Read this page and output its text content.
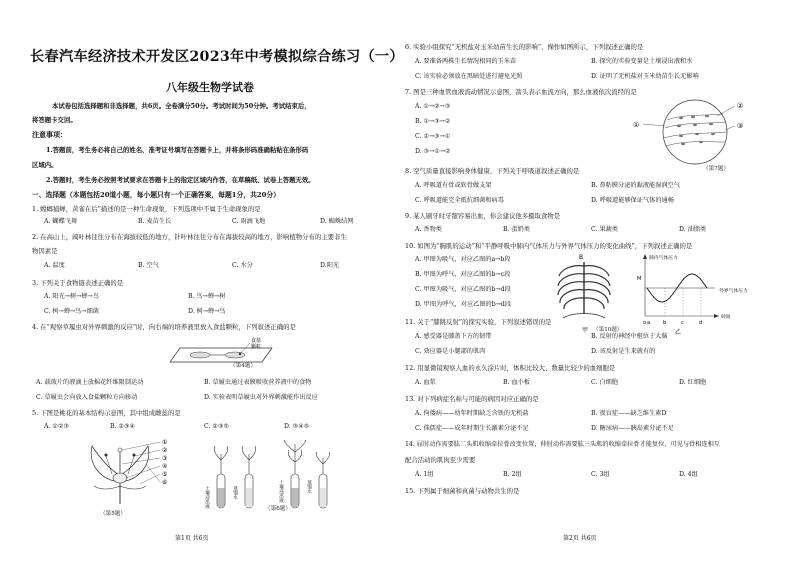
长春汽车经济技术开发区2023年中考模拟综合练习（一）
八年级生物学试卷
本试卷包括选择题和非选择题，共6页。全卷满分50分。考试时间为50分钟。考试结束后，
将答题卡交回。
注意事项：
1.答题前，考生务必将自己的姓名、准考证号填写在答题卡上，并将条形码准确粘贴在条形码
区域内。
2.答题时，考生务必按照考试要求在答题卡上的指定区域内作答，在草稿纸、试卷上答题无效。
一、选择题（本题包括20道小题，每小题只有一个正确答案，每题1分，共20分）
1. 螳螂捕蝉，黄雀在后”描述的是一种生命现象，下列选项中不属于生命现象的是
A. 蝴蝶飞舞	B. 麦苗生长	C. 雨滴飞地	D. 蜘蛛结网
2. 在高山上，阔叶林往往分布在海拔较低的地方，针叶林往往分布在海拔较高的地方，影响植物分布的主要非生
物因素是
A. 温度	B. 空气	C. 水分	D.阳光
3. 下列关于食物链表述正确的是
A. 阳光→树→蝉→鸟	B. 鸟→蝉→树
C. 树→蝉→鸟→细菌	D. 树→蝉→鸟
4. 在“观察草履虫对外界刺激的反应”时，向右端的培养液里放入食盐颗粒，下列叙述正确的是
食盐
颗粒
（第4题）
A. 载玻片的液滴上放棉花纤维限制运动	B. 草履虫通过表膜吸收营养液中的食物
C. 草履虫会向放入食盐颗粒方向移动	D. 实验表明草履虫对外界刺激能作出反应
5. 下图是桃花的基本结构示意图，其中组成雌蕊的是
A. ①②③	B. ②③④	C. ②③⑤	D. ③④⑤
①
②
③
④
⑤
⑥
（第5题）
土壤浸出液	蒸馏水	土壤浸出液	蒸馏水
（第6题）
第1页 共6页
6. 实验小组探究“无机盐对玉米幼苗生长的影响”，操作如图所示，下列叙述正确的是
A. 要准备两株生长情况相同的玉米苗	B. 探究的实验变量是土壤浸出液和水
C. 该实验必须放在黑暗处进行避免光照	D. 证明了无机盐对玉米幼苗生长无影响
7. 图是三种血管血液流动情况示意图，箭头表示血流方向，那么血液依次流经的是
A. ①→②→③
B. ①→③→②
C. ②→③→①
D. ③→①→②
①
②
③
（第7题）
8. 空气质量直接影响身体健康，下列关于呼吸道叙述正确的是
A. 呼吸道有骨或软骨做支架	B. 鼻粘膜分泌的黏液能湿润空气
C. 呼吸道能完全抵抗细菌和病毒	D. 呼吸道能够保证气体的通畅
9. 某人刷牙时牙龈容易出血，你会建议他多摄取食物是
A. 香物类	B. 蛋奶类	C. 果蔬类	D. 油脂类
10. 如图为“胸肌的运动”和“平静呼吸中肺内气体压力与外界气体压力的变化曲线”，下列叙述正确的是
A. 甲图为吸气，对应乙图的a→b段
B. 甲图为呼气，对应乙图的b→c段
C. 甲图为吸气，对应乙图的b→d段
D. 甲图为呼气，对应乙图的b→d段
B
甲
M
肺内气体压力
外界气体压力
时间
o a	b	c	d
乙
（第10题）
11. 关于“膝跳反射”的探究实验，下列叙述错误的是
A. 感受器是膝盖下方的韧带	B. 反射的神经中枢位于大脑
C. 效应器是小腿部的肌肉	D. 该反射是生来就有的
12. 用显微镜观察人血的永久涂片时，体积比较大、数量比较少的血细胞是
A. 血浆	B. 血小板	C. 白细胞	D. 红细胞
13. 对下列病症名称与可能的病因对应正确的是
A. 佝偻病——幼年时期缺乏含铁的无机盐	B. 夜盲症——缺乏维生素D
C. 侏儒症——成年时期生长激素分泌不足	D. 糖尿病——胰岛素分泌不足
14. 屈肘动作需要肱二头肌收缩牵拉骨改变位置，伸肘动作需要肱三头肌的收缩牵拉骨才能复位，可见与骨相连相互
配合活动的肌肉至少需要
A. 1组	B. 2组	C. 3组	D. 4组
15. 下列属于细菌和真菌与动物共生的是
第2页 共6页
